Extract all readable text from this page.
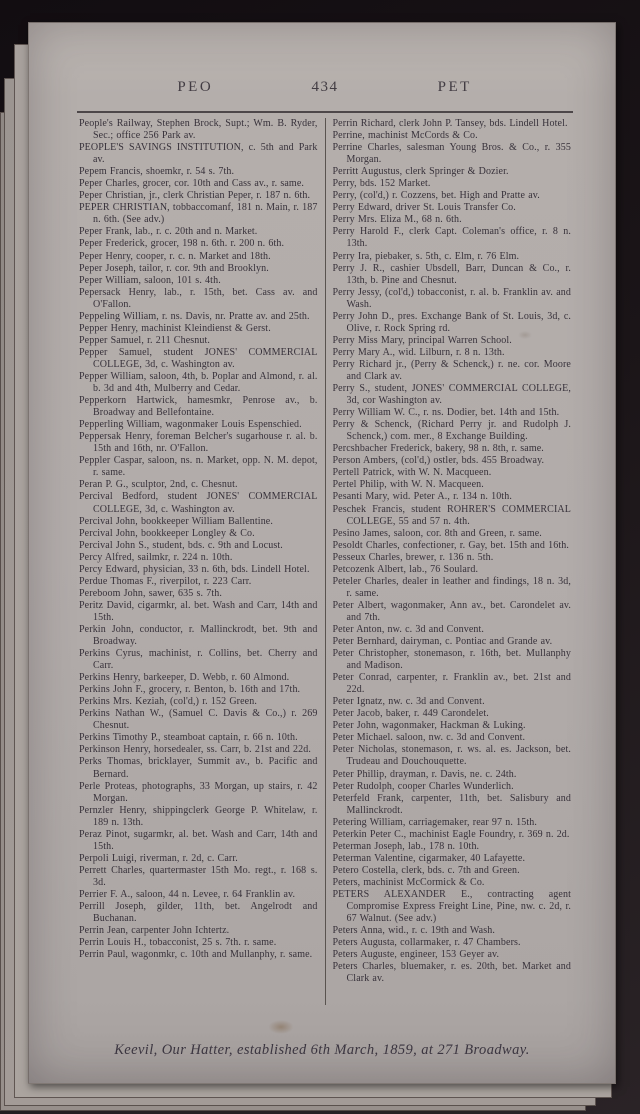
PEO	434	PET

People's Railway, Stephen Brock, Supt.; Wm. B. Ryder, Sec.; office 256 Park av.

PEOPLE'S SAVINGS INSTITUTION, c. 5th and Park av.

Pepem Francis, shoemkr, r. 54 s. 7th.

Peper Charles, grocer, cor. 10th and Cass av., r. same.

Peper Christian, jr., clerk Christian Peper, r. 187 n. 6th.

PEPER CHRISTIAN, tobbaccomanf, 181 n. Main, r. 187 n. 6th. (See adv.)

Peper Frank, lab., r. c. 20th and n. Market.

Peper Frederick, grocer, 198 n. 6th. r. 200 n. 6th.

Peper Henry, cooper, r. c. n. Market and 18th.

Peper Joseph, tailor, r. cor. 9th and Brooklyn.

Peper William, saloon, 101 s. 4th.

Pepersack Henry, lab., r. 15th, bet. Cass av. and O'Fallon.

Peppeling William, r. ns. Davis, nr. Pratte av. and 25th.

Pepper Henry, machinist Kleindienst & Gerst.

Pepper Samuel, r. 211 Chesnut.

Pepper Samuel, student JONES' COMMERCIAL COLLEGE, 3d, c. Washington av.

Pepper William, saloon, 4th, b. Poplar and Almond, r. al. b. 3d and 4th, Mulberry and Cedar.

Pepperkorn Hartwick, hamesmkr, Penrose av., b. Broadway and Bellefontaine.

Pepperling William, wagonmaker Louis Espenschied.

Peppersak Henry, foreman Belcher's sugarhouse r. al. b. 15th and 16th, nr. O'Fallon.

Peppler Caspar, saloon, ns. n. Market, opp. N. M. depot, r. same.

Peran P. G., sculptor, 2nd, c. Chesnut.

Percival Bedford, student JONES' COMMERCIAL COLLEGE, 3d, c. Washington av.

Percival John, bookkeeper William Ballentine.

Percival John, bookkeeper Longley & Co.

Percival John S., student, bds. c. 9th and Locust.

Percy Alfred, sailmkr, r. 224 n. 10th.

Percy Edward, physician, 33 n. 6th, bds. Lindell Hotel.

Perdue Thomas F., riverpilot, r. 223 Carr.

Pereboom John, sawer, 635 s. 7th.

Peritz David, cigarmkr, al. bet. Wash and Carr, 14th and 15th.

Perkin John, conductor, r. Mallinckrodt, bet. 9th and Broadway.

Perkins Cyrus, machinist, r. Collins, bet. Cherry and Carr.

Perkins Henry, barkeeper, D. Webb, r. 60 Almond.

Perkins John F., grocery, r. Benton, b. 16th and 17th.

Perkins Mrs. Keziah, (col'd,) r. 152 Green.

Perkins Nathan W., (Samuel C. Davis & Co.,) r. 269 Chesnut.

Perkins Timothy P., steamboat captain, r. 66 n. 10th.

Perkinson Henry, horsedealer, ss. Carr, b. 21st and 22d.

Perks Thomas, bricklayer, Summit av., b. Pacific and Bernard.

Perle Proteas, photographs, 33 Morgan, up stairs, r. 42 Morgan.

Pernzler Henry, shippingclerk George P. Whitelaw, r. 189 n. 13th.

Peraz Pinot, sugarmkr, al. bet. Wash and Carr, 14th and 15th.

Perpoli Luigi, riverman, r. 2d, c. Carr.

Perrett Charles, quartermaster 15th Mo. regt., r. 168 s. 3d.

Perrier F. A., saloon, 44 n. Levee, r. 64 Franklin av.

Perrill Joseph, gilder, 11th, bet. Angelrodt and Buchanan.

Perrin Jean, carpenter John Ichtertz.

Perrin Louis H., tobacconist, 25 s. 7th. r. same.

Perrin Paul, wagonmkr, c. 10th and Mullanphy, r. same.

Perrin Richard, clerk John P. Tansey, bds. Lindell Hotel.

Perrine, machinist McCords & Co.

Perrine Charles, salesman Young Bros. & Co., r. 355 Morgan.

Perritt Augustus, clerk Springer & Dozier.

Perry, bds. 152 Market.

Perry, (col'd,) r. Cozzens, bet. High and Pratte av.

Perry Edward, driver St. Louis Transfer Co.

Perry Mrs. Eliza M., 68 n. 6th.

Perry Harold F., clerk Capt. Coleman's office, r. 8 n. 13th.

Perry Ira, piebaker, s. 5th, c. Elm, r. 76 Elm.

Perry J. R., cashier Ubsdell, Barr, Duncan & Co., r. 13th, b. Pine and Chesnut.

Perry Jessy, (col'd,) tobacconist, r. al. b. Franklin av. and Wash.

Perry John D., pres. Exchange Bank of St. Louis, 3d, c. Olive, r. Rock Spring rd.

Perry Miss Mary, principal Warren School.

Perry Mary A., wid. Lilburn, r. 8 n. 13th.

Perry Richard jr., (Perry & Schenck,) r. ne. cor. Moore and Clark av.

Perry S., student, JONES' COMMERCIAL COLLEGE, 3d, cor Washington av.

Perry William W. C., r. ns. Dodier, bet. 14th and 15th.

Perry & Schenck, (Richard Perry jr. and Rudolph J. Schenck,) com. mer., 8 Exchange Building.

Percshbacher Frederick, bakery, 98 n. 8th, r. same.

Person Ambers, (col'd,) ostler, bds. 455 Broadway.

Pertell Patrick, with W. N. Macqueen.

Pertel Philip, with W. N. Macqueen.

Pesanti Mary, wid. Peter A., r. 134 n. 10th.

Peschek Francis, student ROHRER'S COMMERCIAL COLLEGE, 55 and 57 n. 4th.

Pesino James, saloon, cor. 8th and Green, r. same.

Pesoldt Charles, confectioner, r. Gay, bet. 15th and 16th.

Pesseux Charles, brewer, r. 136 n. 5th.

Petcozenk Albert, lab., 76 Soulard.

Peteler Charles, dealer in leather and findings, 18 n. 3d, r. same.

Peter Albert, wagonmaker, Ann av., bet. Carondelet av. and 7th.

Peter Anton, nw. c. 3d and Convent.

Peter Bernhard, dairyman, c. Pontiac and Grande av.

Peter Christopher, stonemason, r. 16th, bet. Mullanphy and Madison.

Peter Conrad, carpenter, r. Franklin av., bet. 21st and 22d.

Peter Ignatz, nw. c. 3d and Convent.

Peter Jacob, baker, r. 449 Carondelet.

Peter John, wagonmaker, Hackman & Luking.

Peter Michael. saloon, nw. c. 3d and Convent.

Peter Nicholas, stonemason, r. ws. al. es. Jackson, bet. Trudeau and Douchouquette.

Peter Phillip, drayman, r. Davis, ne. c. 24th.

Peter Rudolph, cooper Charles Wunderlich.

Peterfeld Frank, carpenter, 11th, bet. Salisbury and Mallinckrodt.

Petering William, carriagemaker, rear 97 n. 15th.

Peterkin Peter C., machinist Eagle Foundry, r. 369 n. 2d.

Peterman Joseph, lab., 178 n. 10th.

Peterman Valentine, cigarmaker, 40 Lafayette.

Petero Costella, clerk, bds. c. 7th and Green.

Peters, machinist McCormick & Co.

PETERS ALEXANDER E., contracting agent Compromise Express Freight Line, Pine, nw. c. 2d, r. 67 Walnut. (See adv.)

Peters Anna, wid., r. c. 19th and Wash.

Peters Augusta, collarmaker, r. 47 Chambers.

Peters Auguste, engineer, 153 Geyer av.

Peters Charles, bluemaker, r. es. 20th, bet. Market and Clark av.

Keevil, Our Hatter, established 6th March, 1859, at 271 Broadway.
